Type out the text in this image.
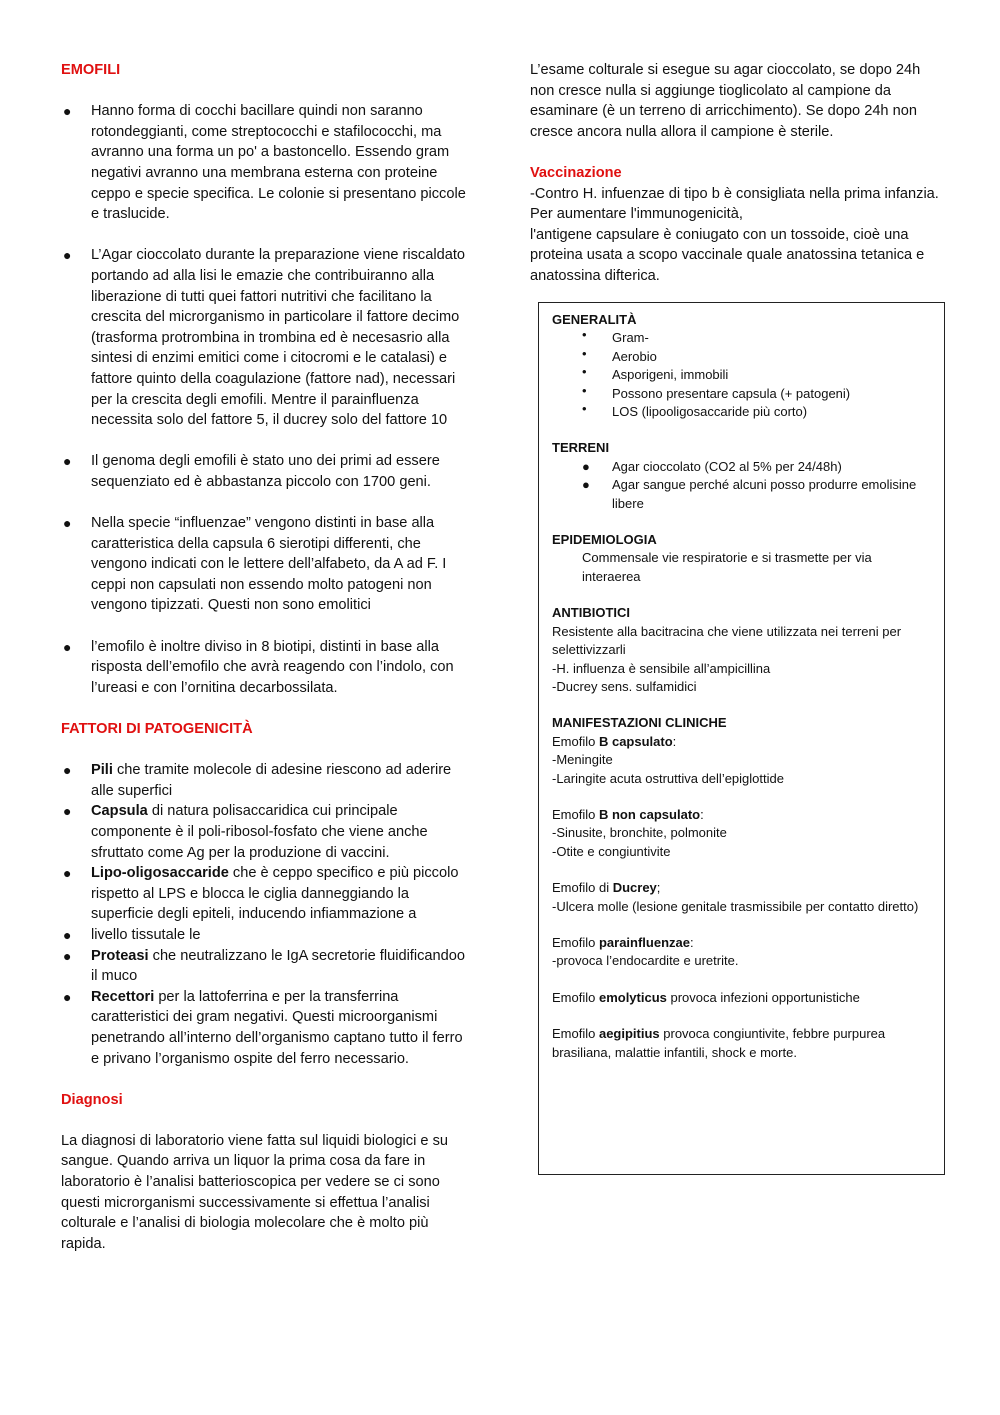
EMOFILI

● Hanno forma di cocchi bacillare quindi non saranno rotondeggianti, come streptococchi e stafilococchi, ma avranno una forma un po' a bastoncello. Essendo gram negativi avranno una membrana esterna con proteine ceppo e specie specifica. Le colonie si presentano piccole e traslucide.
● L’Agar cioccolato durante la preparazione viene riscaldato portando ad alla lisi le emazie che contribuiranno alla liberazione di tutti quei fattori nutritivi che facilitano la crescita del microrganismo in particolare il fattore decimo (trasforma protrombina in trombina ed è necesasrio alla sintesi di enzimi emitici come i citocromi e le catalasi) e fattore quinto della coagulazione (fattore nad), necessari per la crescita degli emofili. Mentre il parainfluenza necessita solo del fattore 5, il ducrey solo del fattore 10
● Il genoma degli emofili è stato uno dei primi ad essere sequenziato ed è abbastanza piccolo con 1700 geni.
● Nella specie “influenzae” vengono distinti in base alla caratteristica della capsula 6 sierotipi differenti, che vengono indicati con le lettere dell’alfabeto, da A ad F. I ceppi non capsulati non essendo molto patogeni non vengono tipizzati. Questi non sono emolitici
● l’emofilo è inoltre diviso in 8 biotipi, distinti in base alla risposta dell’emofilo che avrà reagendo con l’indolo, con l’ureasi e con l’ornitina decarbossilata.

FATTORI DI PATOGENICITÀ

● Pili che tramite molecole di adesine riescono ad aderire alle superfici
● Capsula di natura polisaccaridica cui principale componente è il poli-ribosol-fosfato che viene anche sfruttato come Ag per la produzione di vaccini.
● Lipo-oligosaccaride che è ceppo specifico e più piccolo rispetto al LPS e blocca le ciglia danneggiando la superficie degli epiteli, inducendo infiammazione a
● livello tissutale le
● Proteasi che neutralizzano le IgA secretorie fluidificandoo il muco
● Recettori per la lattoferrina e per la transferrina caratteristici dei gram negativi. Questi microorganismi penetrando all’interno dell’organismo captano tutto il ferro e privano l’organismo ospite del ferro necessario.

Diagnosi

La diagnosi di laboratorio viene fatta sul liquidi biologici e su sangue. Quando arriva un liquor la prima cosa da fare in laboratorio è l’analisi batterioscopica per vedere se ci sono questi microrganismi successivamente si effettua l’analisi colturale e l’analisi di biologia molecolare che è molto più rapida.

L’esame colturale si esegue su agar cioccolato, se dopo 24h non cresce nulla si aggiunge tioglicolato al campione da esaminare (è un terreno di arricchimento). Se dopo 24h non cresce ancora nulla allora il campione è sterile.

Vaccinazione

-Contro H. infuenzae di tipo b è consigliata nella prima infanzia. Per aumentare l'immunogenicità,

l'antigene capsulare è coniugato con un tossoide, cioè una proteina usata a scopo vaccinale quale anatossina tetanica e anatossina difterica.

GENERALITÀ

• Gram-
• Aerobio
• Asporigeni, immobili
• Possono presentare capsula (+ patogeni)
• LOS (lipooligosaccaride più corto)

TERRENI

● Agar cioccolato (CO2 al 5% per 24/48h)
● Agar sangue perché alcuni posso produrre emolisine libere

EPIDEMIOLOGIA

Commensale vie respiratorie e si trasmette per via interaerea

ANTIBIOTICI

Resistente alla bacitracina che viene utilizzata nei terreni per selettivizzarli

-H. influenza è sensibile all’ampicillina

-Ducrey sens. sulfamidici

MANIFESTAZIONI CLINICHE

Emofilo B capsulato:

-Meningite

-Laringite acuta ostruttiva dell’epiglottide

Emofilo B non capsulato:

-Sinusite, bronchite, polmonite

-Otite e congiuntivite

Emofilo di Ducrey;

-Ulcera molle (lesione genitale trasmissibile per contatto diretto)

Emofilo parainfluenzae:

-provoca l’endocardite e uretrite.

Emofilo emolyticus provoca infezioni opportunistiche

Emofilo aegipitius provoca congiuntivite, febbre purpurea brasiliana, malattie infantili, shock e morte.
